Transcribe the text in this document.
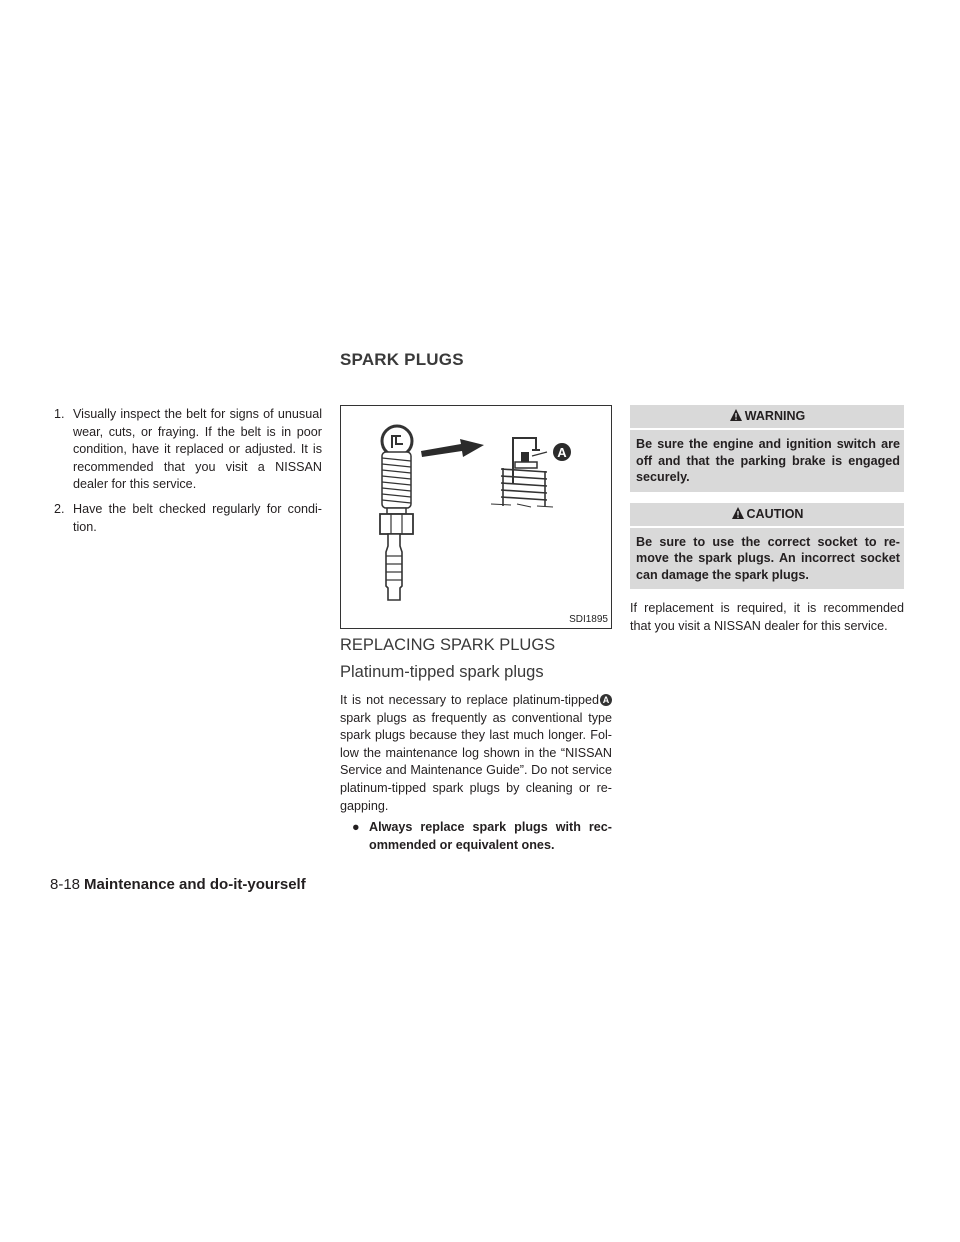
SPARK PLUGS
1. Visually inspect the belt for signs of unusual wear, cuts, or fraying. If the belt is in poor condition, have it replaced or adjusted. It is recommended that you visit a NISSAN dealer for this service.
2. Have the belt checked regularly for condi-tion.
A
SDI1895
REPLACING SPARK PLUGS
Platinum-tipped spark plugs
It is not necessary to replace platinum-tipped A spark plugs as frequently as conventional type spark plugs because they last much longer. Fol-low the maintenance log shown in the “NISSAN Service and Maintenance Guide”. Do not service platinum-tipped spark plugs by cleaning or re-gapping.
● Always replace spark plugs with rec-ommended or equivalent ones.
WARNING
Be sure the engine and ignition switch are off and that the parking brake is engaged securely.
CAUTION
Be sure to use the correct socket to re-move the spark plugs. An incorrect socket can damage the spark plugs.
If replacement is required, it is recommended that you visit a NISSAN dealer for this service.
8-18 Maintenance and do-it-yourself
